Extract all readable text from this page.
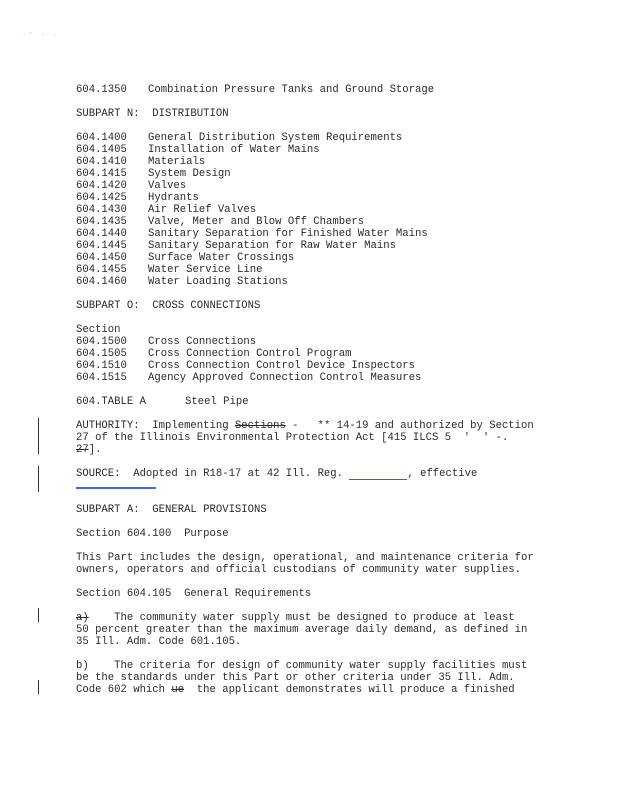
·° · ·
604.1350 Combination Pressure Tanks and Ground Storage
SUBPART N:  DISTRIBUTION
604.1400 General Distribution System Requirements
604.1405 Installation of Water Mains
604.1410 Materials
604.1415 System Design
604.1420 Valves
604.1425 Hydrants
604.1430 Air Relief Valves
604.1435 Valve, Meter and Blow Off Chambers
604.1440 Sanitary Separation for Finished Water Mains
604.1445 Sanitary Separation for Raw Water Mains
604.1450 Surface Water Crossings
604.1455 Water Service Line
604.1460 Water Loading Stations
SUBPART O:  CROSS CONNECTIONS
Section
604.1500 Cross Connections
604.1505 Cross Connection Control Program
604.1510 Cross Connection Control Device Inspectors
604.1515 Agency Approved Connection Control Measures
604.TABLE A	Steel Pipe
AUTHORITY:  Implementing Sections -   ** 14-19 and authorized by Section
27 of the Illinois Environmental Protection Act [415 ILCS 5  '  ' -.
27].
SOURCE:  Adopted in R18-17 at 42 Ill. Reg.	, effective
SUBPART A:  GENERAL PROVISIONS
Section 604.100  Purpose
This Part includes the design, operational, and maintenance criteria for
owners, operators and official custodians of community water supplies.
Section 604.105  General Requirements
a)    The community water supply must be designed to produce at least
50 percent greater than the maximum average daily demand, as defined in
35 Ill. Adm. Code 601.105.
b)    The criteria for design of community water supply facilities must
be the standards under this Part or other criteria under 35 Ill. Adm.
Code 602 which ue  the applicant demonstrates will produce a finished
